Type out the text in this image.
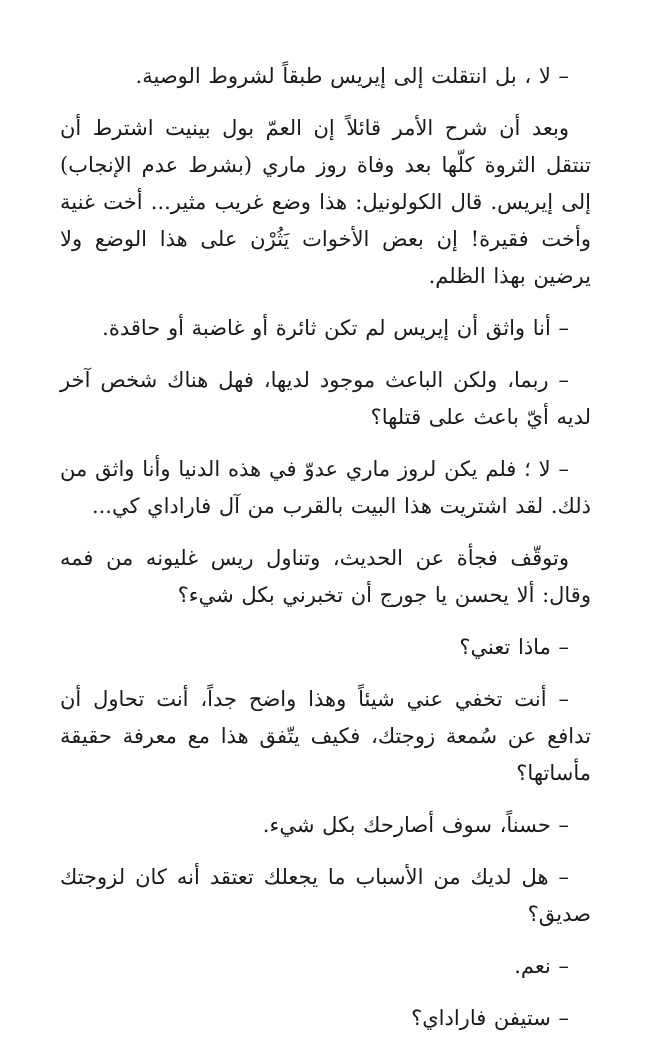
– لا ، بل انتقلت إلى إيريس طبقاً لشروط الوصية.

وبعد أن شرح الأمر قائلاً إن العمّ بول بينيت اشترط أن تنتقل الثروة كلّها بعد وفاة روز ماري (بشرط عدم الإنجاب) إلى إيريس. قال الكولونيل: هذا وضع غريب مثير... أخت غنية وأخت فقيرة! إن بعض الأخوات يَثُرْن على هذا الوضع ولا يرضين بهذا الظلم.

– أنا واثق أن إيريس لم تكن ثائرة أو غاضبة أو حاقدة.

– ربما، ولكن الباعث موجود لديها، فهل هناك شخص آخر لديه أيّ باعث على قتلها؟

– لا ؛ فلم يكن لروز ماري عدوّ في هذه الدنيا وأنا واثق من ذلك. لقد اشتريت هذا البيت بالقرب من آل فاراداي كي...

وتوقّف فجأة عن الحديث، وتناول ريس غليونه من فمه وقال: ألا يحسن يا جورج أن تخبرني بكل شيء؟

– ماذا تعني؟

– أنت تخفي عني شيئاً وهذا واضح جداً، أنت تحاول أن تدافع عن سُمعة زوجتك، فكيف يتّفق هذا مع معرفة حقيقة مأساتها؟

– حسناً، سوف أصارحك بكل شيء.

– هل لديك من الأسباب ما يجعلك تعتقد أنه كان لزوجتك صديق؟

– نعم.

– ستيفن فاراداي؟
